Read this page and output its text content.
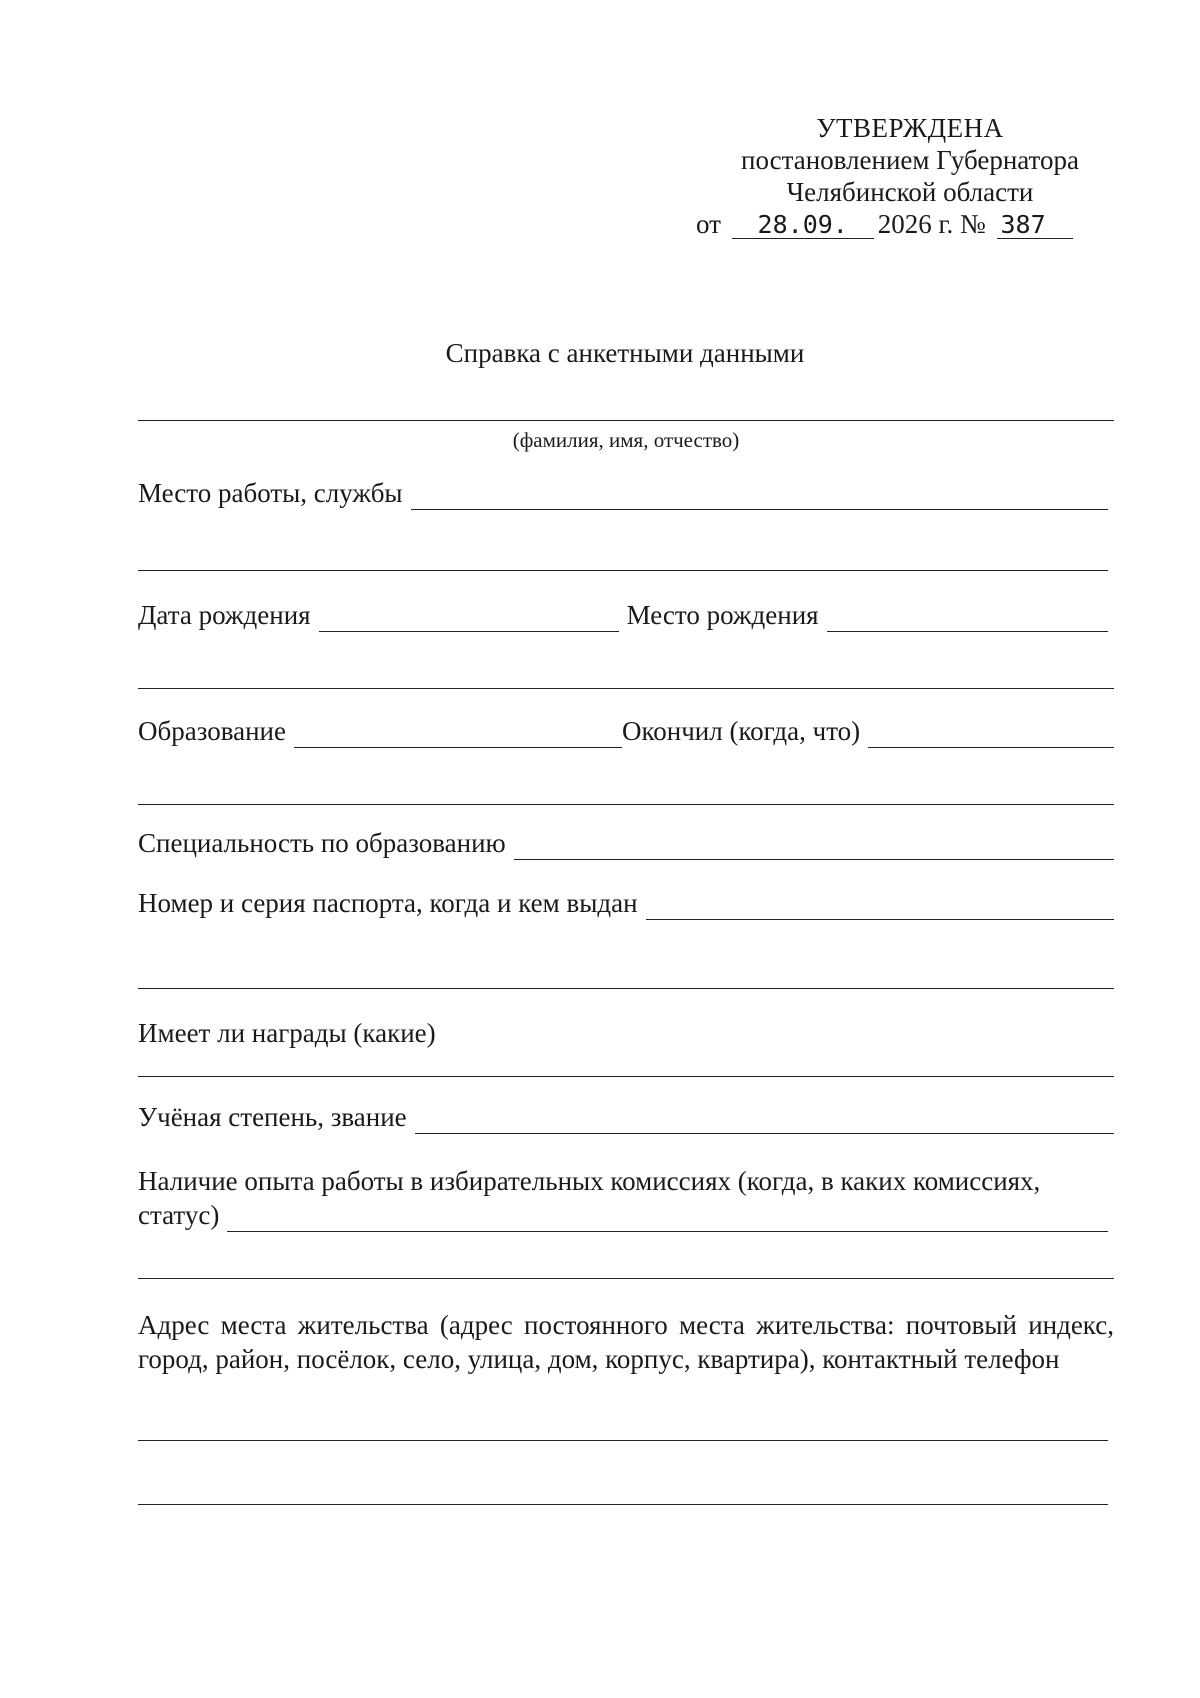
УТВЕРЖДЕНА
постановлением Губернатора
Челябинской области
от 28.09. 2026 г. № 387
Справка с анкетными данными
(фамилия, имя, отчество)
Место работы, службы
Дата рождения	Место рождения
Образование	Окончил (когда, что)
Специальность по образованию
Номер и серия паспорта, когда и кем выдан
Имеет ли награды (какие)
Учёная степень, звание
Наличие опыта работы в избирательных комиссиях (когда, в каких комиссиях,
статус)
Адрес места жительства (адрес постоянного места жительства: почтовый индекс, город, район, посёлок, село, улица, дом, корпус, квартира), контактный телефон
